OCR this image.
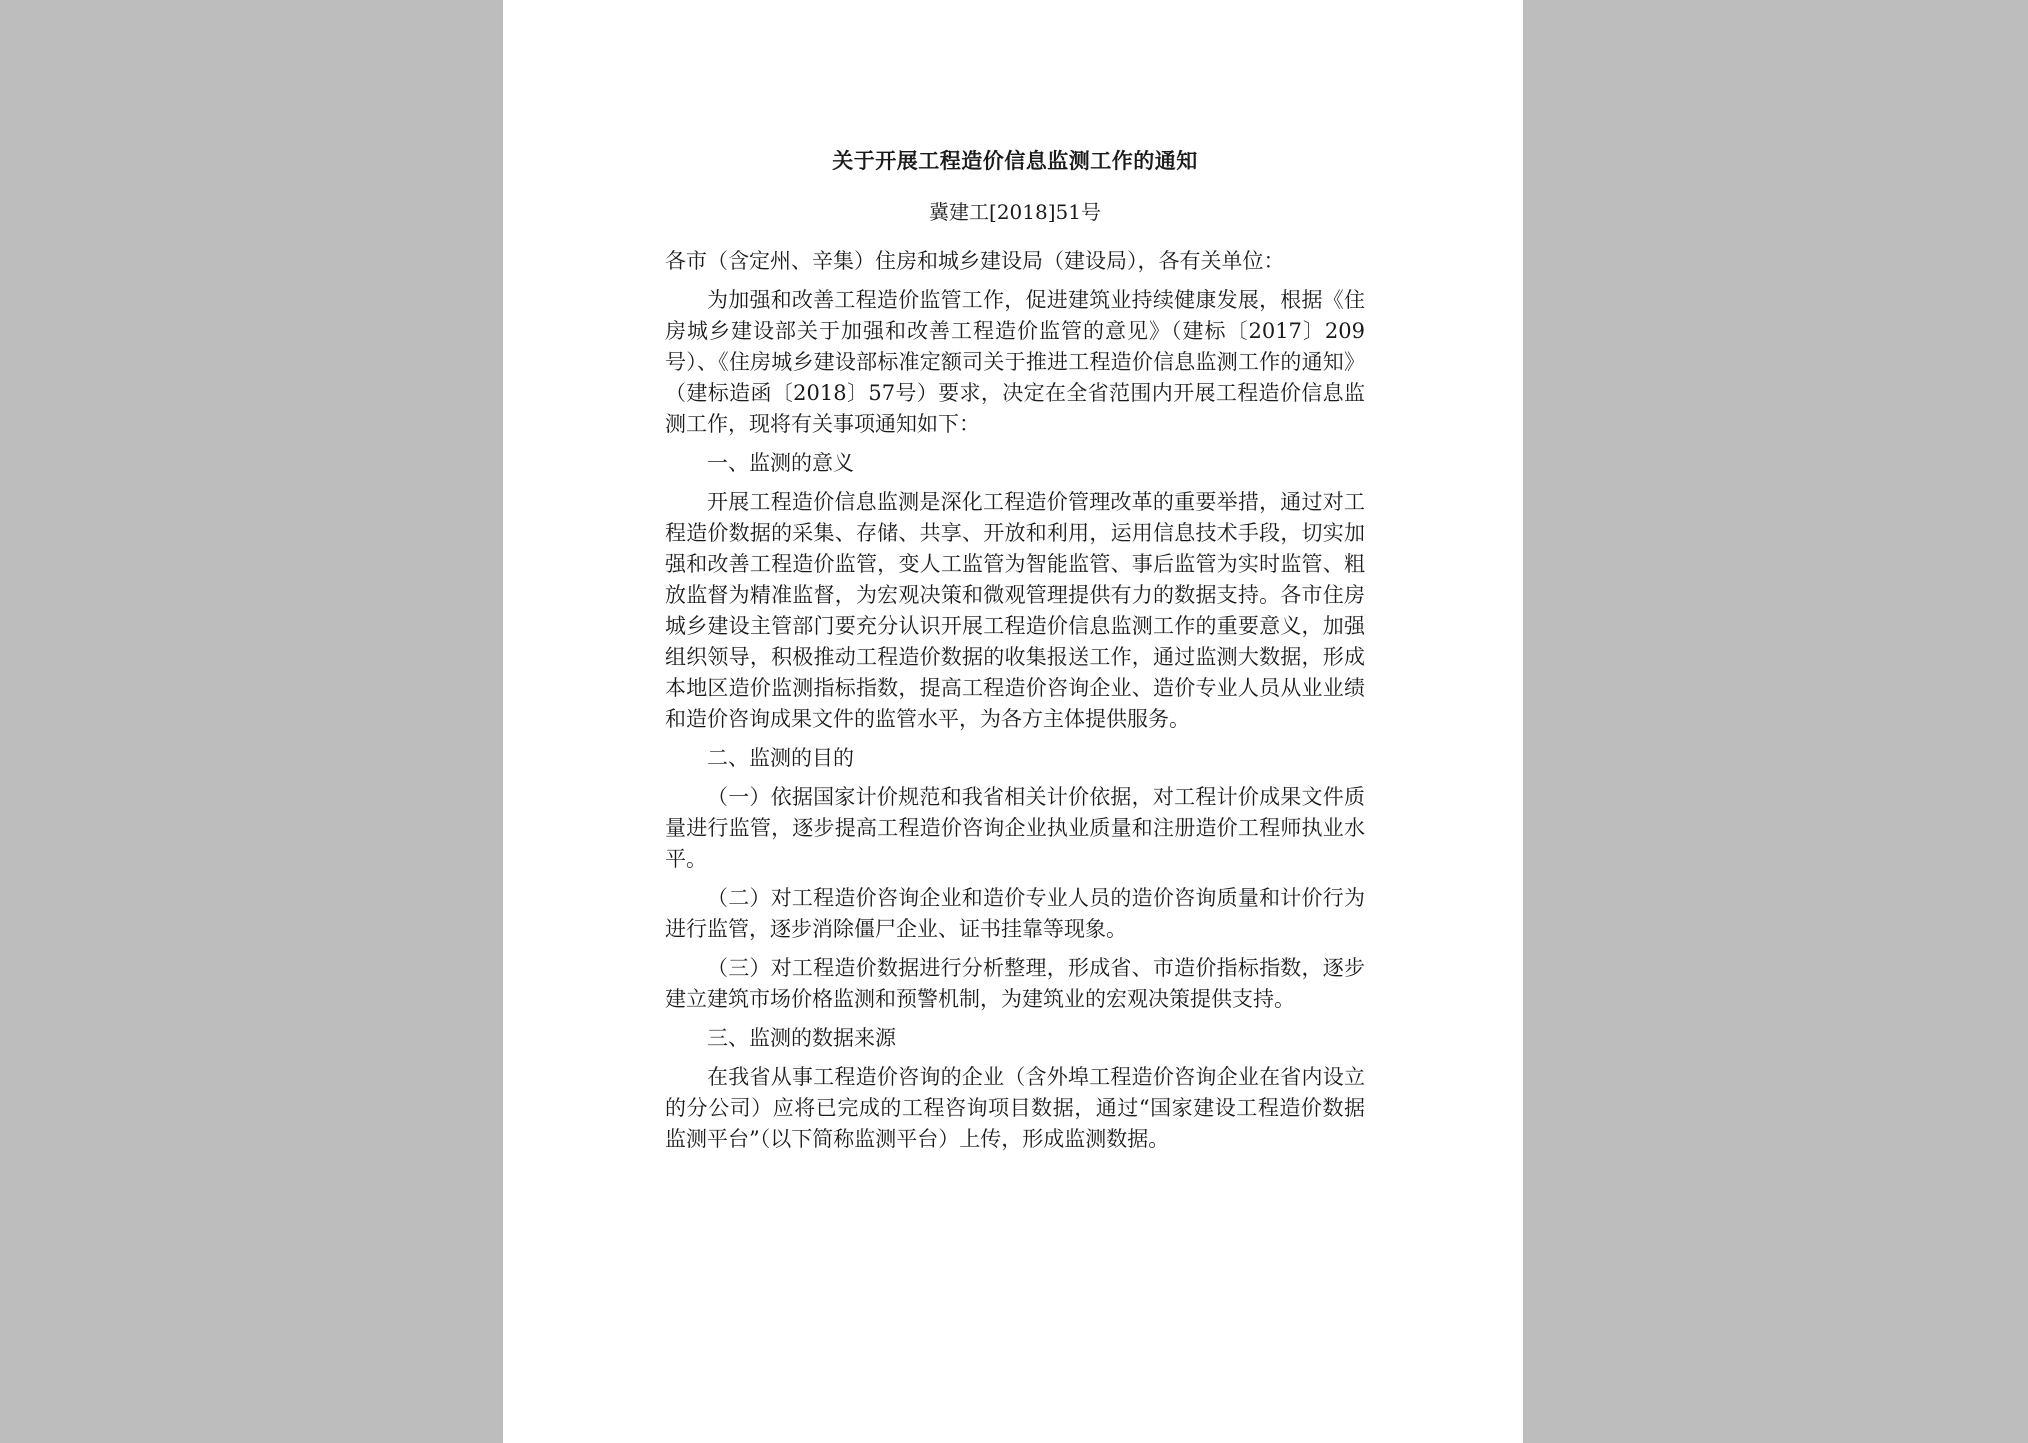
关于开展工程造价信息监测工作的通知
冀建工[2018]51号
各市（含定州、辛集）住房和城乡建设局（建设局），各有关单位：
为加强和改善工程造价监管工作，促进建筑业持续健康发展，根据《住房城乡建设部关于加强和改善工程造价监管的意见》（建标〔2017〕209号）、《住房城乡建设部标准定额司关于推进工程造价信息监测工作的通知》（建标造函〔2018〕57号）要求，决定在全省范围内开展工程造价信息监测工作，现将有关事项通知如下：
一、监测的意义
开展工程造价信息监测是深化工程造价管理改革的重要举措，通过对工程造价数据的采集、存储、共享、开放和利用，运用信息技术手段，切实加强和改善工程造价监管，变人工监管为智能监管、事后监管为实时监管、粗放监督为精准监督，为宏观决策和微观管理提供有力的数据支持。各市住房城乡建设主管部门要充分认识开展工程造价信息监测工作的重要意义，加强组织领导，积极推动工程造价数据的收集报送工作，通过监测大数据，形成本地区造价监测指标指数，提高工程造价咨询企业、造价专业人员从业业绩和造价咨询成果文件的监管水平，为各方主体提供服务。
二、监测的目的
（一）依据国家计价规范和我省相关计价依据，对工程计价成果文件质量进行监管，逐步提高工程造价咨询企业执业质量和注册造价工程师执业水平。
（二）对工程造价咨询企业和造价专业人员的造价咨询质量和计价行为进行监管，逐步消除僵尸企业、证书挂靠等现象。
（三）对工程造价数据进行分析整理，形成省、市造价指标指数，逐步建立建筑市场价格监测和预警机制，为建筑业的宏观决策提供支持。
三、监测的数据来源
在我省从事工程造价咨询的企业（含外埠工程造价咨询企业在省内设立的分公司）应将已完成的工程咨询项目数据，通过“国家建设工程造价数据监测平台”（以下简称监测平台）上传，形成监测数据。
